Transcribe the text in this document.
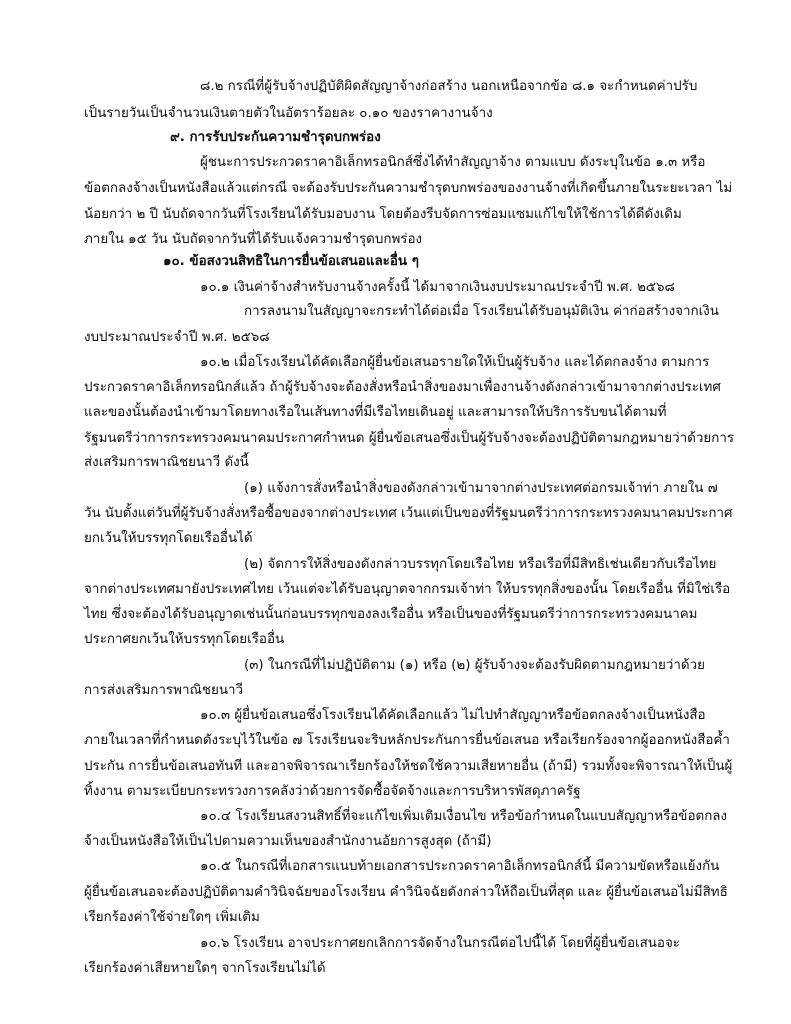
๘.๒ กรณีที่ผู้รับจ้างปฏิบัติผิดสัญญาจ้างก่อสร้าง นอกเหนือจากข้อ ๘.๑ จะกำหนดค่าปรับ
เป็นรายวันเป็นจำนวนเงินตายตัวในอัตราร้อยละ ๐.๑๐ ของราคางานจ้าง
๙. การรับประกันความชำรุดบกพร่อง
ผู้ชนะการประกวดราคาอิเล็กทรอนิกส์ซึ่งได้ทำสัญญาจ้าง ตามแบบ ดังระบุในข้อ ๑.๓ หรือ
ข้อตกลงจ้างเป็นหนังสือแล้วแต่กรณี จะต้องรับประกันความชำรุดบกพร่องของงานจ้างที่เกิดขึ้นภายในระยะเวลา ไม่
น้อยกว่า ๒ ปี นับถัดจากวันที่โรงเรียนได้รับมอบงาน โดยต้องรีบจัดการซ่อมแซมแก้ไขให้ใช้การได้ดีดังเดิม
ภายใน ๑๕ วัน นับถัดจากวันที่ได้รับแจ้งความชำรุดบกพร่อง
๑๐. ข้อสงวนสิทธิในการยื่นข้อเสนอและอื่น ๆ
๑๐.๑ เงินค่าจ้างสำหรับงานจ้างครั้งนี้ ได้มาจากเงินงบประมาณประจำปี พ.ศ. ๒๕๖๘
การลงนามในสัญญาจะกระทำได้ต่อเมื่อ โรงเรียนได้รับอนุมัติเงิน ค่าก่อสร้างจากเงิน
งบประมาณประจำปี พ.ศ. ๒๕๖๘
๑๐.๒ เมื่อโรงเรียนได้คัดเลือกผู้ยื่นข้อเสนอรายใดให้เป็นผู้รับจ้าง และได้ตกลงจ้าง ตามการ
ประกวดราคาอิเล็กทรอนิกส์แล้ว ถ้าผู้รับจ้างจะต้องสั่งหรือนำสิ่งของมาเพื่องานจ้างดังกล่าวเข้ามาจากต่างประเทศ
และของนั้นต้องนำเข้ามาโดยทางเรือในเส้นทางที่มีเรือไทยเดินอยู่ และสามารถให้บริการรับขนได้ตามที่
รัฐมนตรีว่าการกระทรวงคมนาคมประกาศกำหนด ผู้ยื่นข้อเสนอซึ่งเป็นผู้รับจ้างจะต้องปฏิบัติตามกฎหมายว่าด้วยการ
ส่งเสริมการพาณิชยนาวี ดังนี้
(๑) แจ้งการสั่งหรือนำสิ่งของดังกล่าวเข้ามาจากต่างประเทศต่อกรมเจ้าท่า ภายใน ๗
วัน นับตั้งแต่วันที่ผู้รับจ้างสั่งหรือซื้อของจากต่างประเทศ เว้นแต่เป็นของที่รัฐมนตรีว่าการกระทรวงคมนาคมประกาศ
ยกเว้นให้บรรทุกโดยเรืออื่นได้
(๒) จัดการให้สิ่งของดังกล่าวบรรทุกโดยเรือไทย หรือเรือที่มีสิทธิเช่นเดียวกับเรือไทย
จากต่างประเทศมายังประเทศไทย เว้นแต่จะได้รับอนุญาตจากกรมเจ้าท่า ให้บรรทุกสิ่งของนั้น โดยเรืออื่น ที่มิใช่เรือ
ไทย ซึ่งจะต้องได้รับอนุญาตเช่นนั้นก่อนบรรทุกของลงเรืออื่น หรือเป็นของที่รัฐมนตรีว่าการกระทรวงคมนาคม
ประกาศยกเว้นให้บรรทุกโดยเรืออื่น
(๓) ในกรณีที่ไม่ปฏิบัติตาม (๑) หรือ (๒) ผู้รับจ้างจะต้องรับผิดตามกฎหมายว่าด้วย
การส่งเสริมการพาณิชยนาวี
๑๐.๓ ผู้ยื่นข้อเสนอซึ่งโรงเรียนได้คัดเลือกแล้ว ไม่ไปทำสัญญาหรือข้อตกลงจ้างเป็นหนังสือ
ภายในเวลาที่กำหนดดังระบุไว้ในข้อ ๗ โรงเรียนจะริบหลักประกันการยื่นข้อเสนอ หรือเรียกร้องจากผู้ออกหนังสือค้ำ
ประกัน การยื่นข้อเสนอทันที และอาจพิจารณาเรียกร้องให้ชดใช้ความเสียหายอื่น (ถ้ามี) รวมทั้งจะพิจารณาให้เป็นผู้
ทิ้งงาน ตามระเบียบกระทรวงการคลังว่าด้วยการจัดซื้อจัดจ้างและการบริหารพัสดุภาครัฐ
๑๐.๔ โรงเรียนสงวนสิทธิ์ที่จะแก้ไขเพิ่มเติมเงื่อนไข หรือข้อกำหนดในแบบสัญญาหรือข้อตกลง
จ้างเป็นหนังสือให้เป็นไปตามความเห็นของสำนักงานอัยการสูงสุด (ถ้ามี)
๑๐.๕ ในกรณีที่เอกสารแนบท้ายเอกสารประกวดราคาอิเล็กทรอนิกส์นี้ มีความขัดหรือแย้งกัน
ผู้ยื่นข้อเสนอจะต้องปฏิบัติตามคำวินิจฉัยของโรงเรียน คำวินิจฉัยดังกล่าวให้ถือเป็นที่สุด และ ผู้ยื่นข้อเสนอไม่มีสิทธิ
เรียกร้องค่าใช้จ่ายใดๆ เพิ่มเติม
๑๐.๖ โรงเรียน อาจประกาศยกเลิกการจัดจ้างในกรณีต่อไปนี้ได้ โดยที่ผู้ยื่นข้อเสนอจะ
เรียกร้องค่าเสียหายใดๆ จากโรงเรียนไม่ได้
